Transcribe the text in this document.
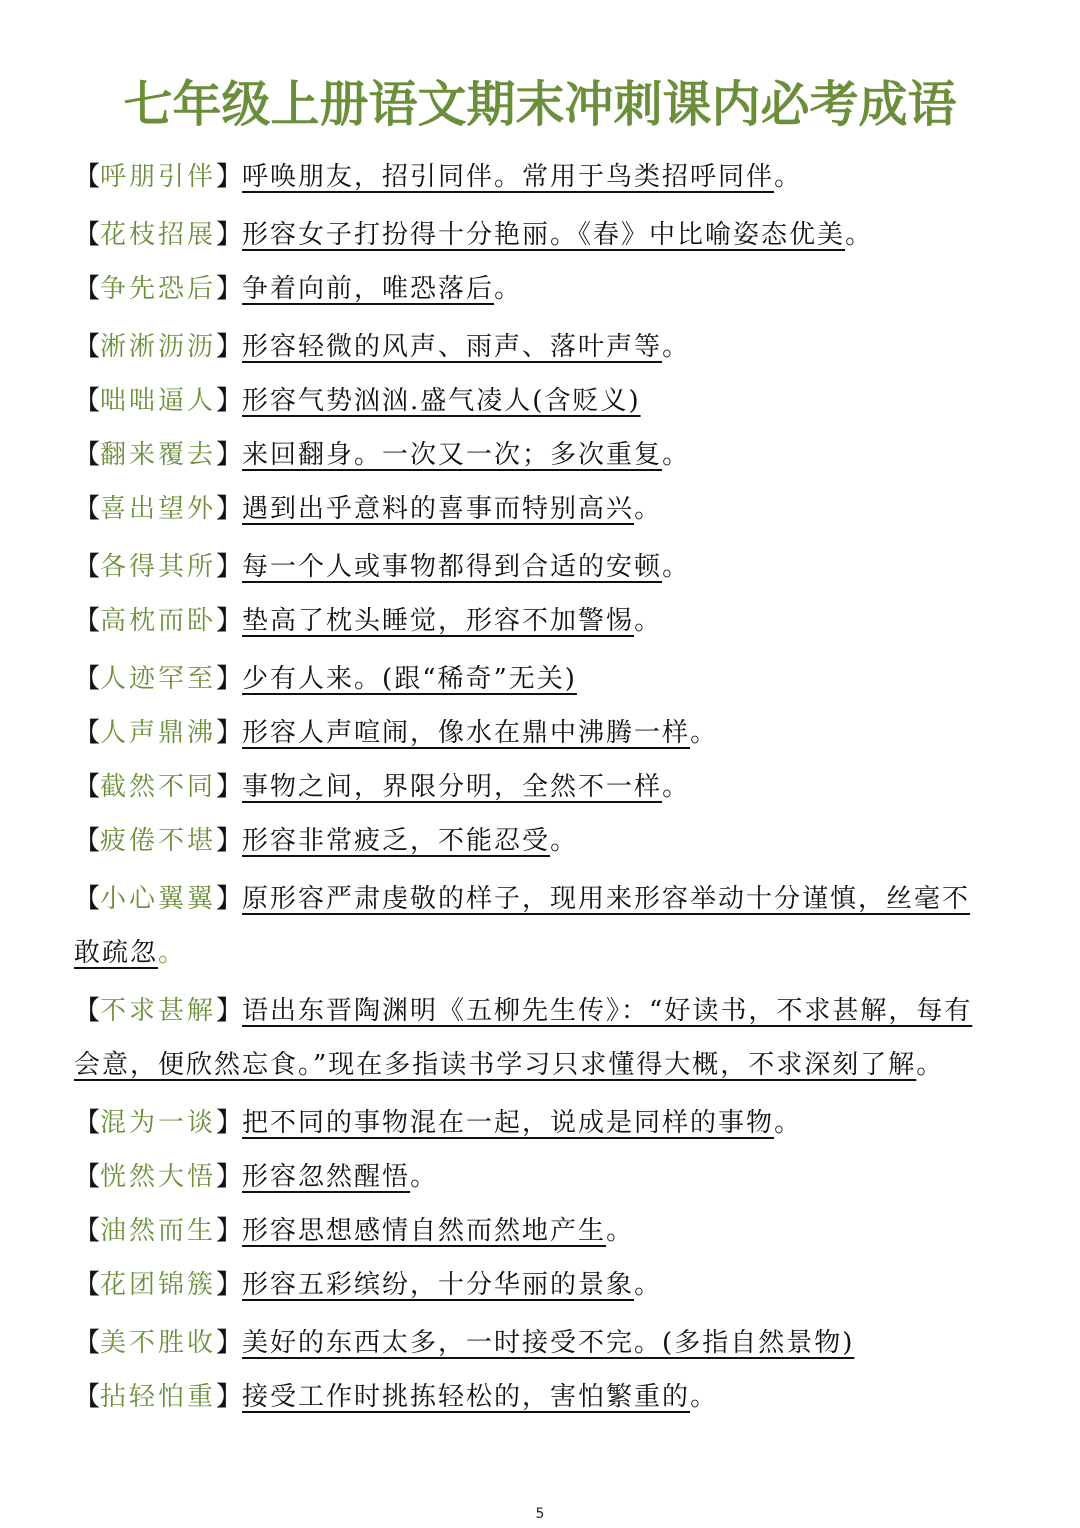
七年级上册语文期末冲刺课内必考成语

【呼朋引伴】呼唤朋友，招引同伴。常用于鸟类招呼同伴。

【花枝招展】形容女子打扮得十分艳丽。《春》中比喻姿态优美。

【争先恐后】争着向前，唯恐落后。

【淅淅沥沥】形容轻微的风声、雨声、落叶声等。

【咄咄逼人】形容气势汹汹.盛气凌人(含贬义)

【翻来覆去】来回翻身。一次又一次；多次重复。

【喜出望外】遇到出乎意料的喜事而特别高兴。

【各得其所】每一个人或事物都得到合适的安顿。

【高枕而卧】垫高了枕头睡觉，形容不加警惕。

【人迹罕至】少有人来。(跟“稀奇”无关)

【人声鼎沸】形容人声喧闹，像水在鼎中沸腾一样。

【截然不同】事物之间，界限分明，全然不一样。

【疲倦不堪】形容非常疲乏，不能忍受。

【小心翼翼】原形容严肃虔敬的样子，现用来形容举动十分谨慎，丝毫不 敢疏忽。

【不求甚解】语出东晋陶渊明《五柳先生传》：“好读书，不求甚解，每有 会意，便欣然忘食。”现在多指读书学习只求懂得大概，不求深刻了解。

【混为一谈】把不同的事物混在一起，说成是同样的事物。

【恍然大悟】形容忽然醒悟。

【油然而生】形容思想感情自然而然地产生。

【花团锦簇】形容五彩缤纷，十分华丽的景象。

【美不胜收】美好的东西太多，一时接受不完。(多指自然景物)

【拈轻怕重】接受工作时挑拣轻松的，害怕繁重的。

5
